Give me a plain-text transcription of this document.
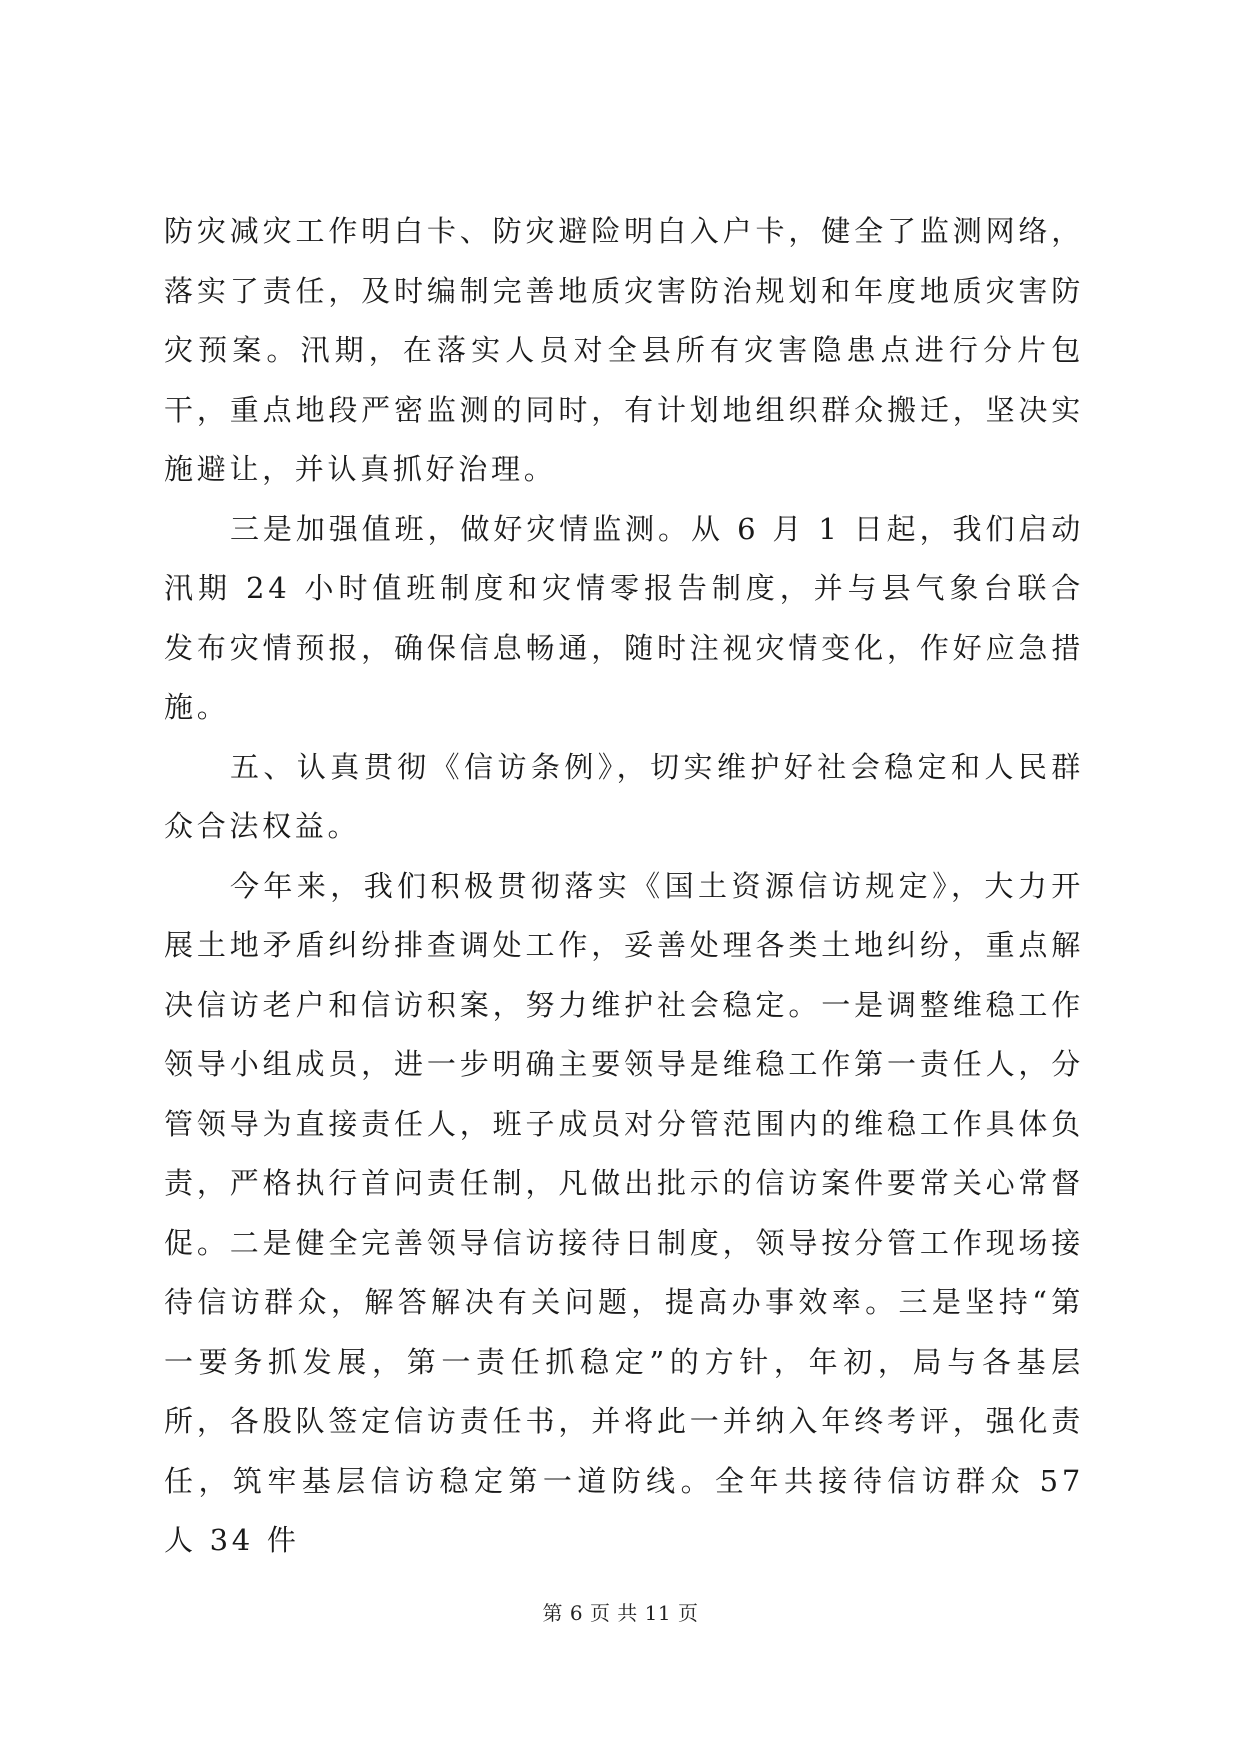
防灾减灾工作明白卡、防灾避险明白入户卡，健全了监测网络，落实了责任，及时编制完善地质灾害防治规划和年度地质灾害防灾预案。汛期，在落实人员对全县所有灾害隐患点进行分片包干，重点地段严密监测的同时，有计划地组织群众搬迁，坚决实施避让，并认真抓好治理。

三是加强值班，做好灾情监测。从 6 月 1 日起，我们启动汛期 24 小时值班制度和灾情零报告制度，并与县气象台联合发布灾情预报，确保信息畅通，随时注视灾情变化，作好应急措施。

五、认真贯彻《信访条例》，切实维护好社会稳定和人民群众合法权益。

今年来，我们积极贯彻落实《国土资源信访规定》，大力开展土地矛盾纠纷排查调处工作，妥善处理各类土地纠纷，重点解决信访老户和信访积案，努力维护社会稳定。一是调整维稳工作领导小组成员，进一步明确主要领导是维稳工作第一责任人，分管领导为直接责任人，班子成员对分管范围内的维稳工作具体负责，严格执行首问责任制，凡做出批示的信访案件要常关心常督促。二是健全完善领导信访接待日制度，领导按分管工作现场接待信访群众，解答解决有关问题，提高办事效率。三是坚持“第一要务抓发展，第一责任抓稳定”的方针，年初，局与各基层所，各股队签定信访责任书，并将此一并纳入年终考评，强化责任，筑牢基层信访稳定第一道防线。全年共接待信访群众 57 人 34 件

第 6 页 共 11 页
